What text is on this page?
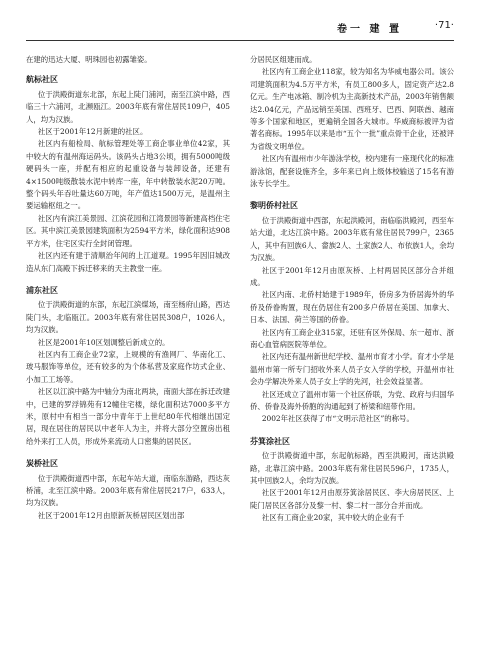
卷一 建 置	·71·

在建的迅达大厦、明珠园也初露雏姿。

航标社区

位于洪殿街道东北部，东起上陡门浦河，南至江滨中路，西临三十六浦河，北濒瓯江。2003年底有常住居民109户，405人，均为汉族。

社区于2001年12月新建的社区。

社区内有船检局、航标管理处等工商企事业单位42家，其中较大的有温州海运码头。该码头占地3公顷，拥有5000吨级硬码头一座，并配有相应的起重设备与装卸设备，还建有4×1500吨级散装水泥中转库一座，年中转散装水泥20万吨。整个码头年吞吐量达60万吨，年产值达1500万元，是温州主要运输枢纽之一。

社区内有滨江美景园、江滨花园和江湾景园等新建高档住宅区。其中滨江美景园建筑面积为2594平方米，绿化面积达908平方米，住宅区实行全封闭管理。

社区内还有建于清顺治年间的上江道观。1995年因旧城改造从东门高殿下拆迁移来的天主教堂一座。

浦东社区

位于洪殿街道的东部，东起江滨煤场，南至杨府山路，西达陡门头，北临瓯江。2003年底有常住居民308户，1026人，均为汉族。

社区是2001年10区划调整后新成立的。

社区内有工商企业72家，上规模的有渔网厂、华南化工、玻马服饰等单位，还有较多的为个体私营及家庭作坊式企业、小加工工场等。

社区以江滨中路为中轴分为南北两块，南面大部在拆迁改建中，已建的罗浮锦苑有12幢住宅楼，绿化面积达7000多平方米，原村中有相当一部分中青年于上世纪80年代相继出国定居，现在居住的居民以中老年人为主，并将大部分空置房出租给外来打工人员，形成外来流动人口密集的居民区。

炭桥社区

位于洪殿街道西中部，东起车站大道，南临东游路，西达灰桥浦，北至江滨中路。2003年底有常住居民217户，633人，均为汉族。

社区于2001年12月由原新灰桥居民区划出部

分居民区组建而成。

社区内有工商企业118家，较为知名为华威电器公司。该公司建筑面积为4.5万平方米，有员工800多人，固定资产达2.8亿元。生产电冰箱、制冷机为主高新技术产品，2003年销售额达2.04亿元，产品远销至美国、西班牙、巴西、阿联酋、越南等多个国家和地区，更遍销全国各大城市。华威商标被评为省著名商标。1995年以来是市“五个一批”重点骨干企业，还被评为省级文明单位。

社区内有温州市少年游泳学校，校内建有一座现代化的标准游泳馆，配套设施齐全，多年来已向上级体校输送了15名有游泳专长学生。

黎明侨村社区

位于洪殿街道中西部，东起洪殿河，南临临洪殿河，西至车站大道，北达江滨中路。2003年底有常住居民799户，2365人，其中有回族6人、畲族2人、土家族2人、布依族1人，余均为汉族。

社区于2001年12月由原灰桥、上村两居民区部分合并组成。

社区内南、北侨村始建于1989年，侨房多为侨居海外的华侨及侨眷购置，现在仍居住有200多户侨居在美国、加拿大、日本、法国、荷兰等国的侨眷。

社区内有工商企业315家，还驻有区外保局、东一超市、浙南心血管病医院等单位。

社区内还有温州新世纪学校、温州市育才小学。育才小学是温州市第一所专门招收外来人员子女入学的学校，开温州市社会办学解决外来人员子女上学的先河，社会效益显著。

社区还成立了温州市第一个社区侨联，为党、政府与归国华侨、侨眷及海外侨胞的沟通起到了桥梁和纽带作用。

2002年社区获得了市“文明示范社区”的称号。

芬箕涂社区

位于洪殿街道中部，东起航标路，西至洪殿河，南达洪殿路，北靠江滨中路。2003年底有常住居民596户，1735人，其中回族2人，余均为汉族。

社区于2001年12月由原芬箕涂居民区、李大房居民区、上陡门居民区各部分及黎一村、黎二村一部分合并而成。

社区有工商企业20家，其中较大的企业有千
